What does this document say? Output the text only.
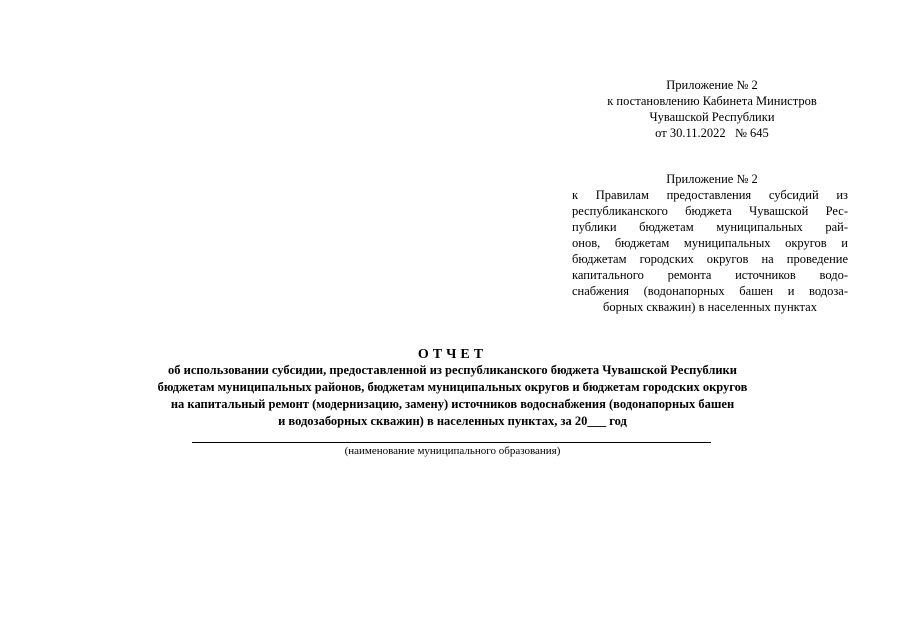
Приложение № 2
к постановлению Кабинета Министров
Чувашской Республики
от 30.11.2022   № 645
Приложение № 2
к Правилам предоставления субсидий из
республиканского бюджета Чувашской Рес-
публики бюджетам муниципальных рай-
онов, бюджетам муниципальных округов и
бюджетам городских округов на проведение
капитального ремонта источников водо-
снабжения (водонапорных башен и водоза-
борных скважин) в населенных пунктах
ОТЧЕТ
об использовании субсидии, предоставленной из республиканского бюджета Чувашской Республики
бюджетам муниципальных районов, бюджетам муниципальных округов и бюджетам городских округов
на капитальный ремонт (модернизацию, замену) источников водоснабжения (водонапорных башен
и водозаборных скважин) в населенных пунктах, за 20___ год
(наименование муниципального образования)
